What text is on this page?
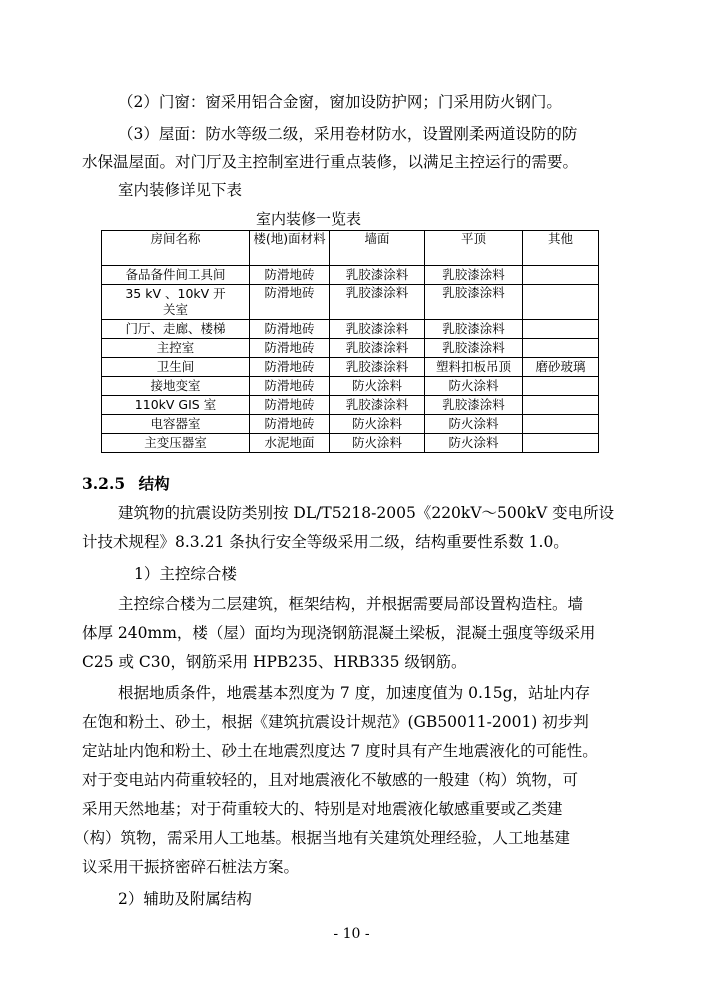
（2）门窗：窗采用铝合金窗，窗加设防护网；门采用防火钢门。
（3）屋面：防水等级二级，采用卷材防水，设置刚柔两道设防的防
水保温屋面。对门厅及主控制室进行重点装修，以满足主控运行的需要。
室内装修详见下表
室内装修一览表
房间名称	楼(地)面材料	墙面	平顶	其他
备品备件间工具间	防滑地砖	乳胶漆涂料	乳胶漆涂料	
35 kV 、10kV 开关室	防滑地砖	乳胶漆涂料	乳胶漆涂料	
门厅、走廊、楼梯	防滑地砖	乳胶漆涂料	乳胶漆涂料	
主控室	防滑地砖	乳胶漆涂料	乳胶漆涂料	
卫生间	防滑地砖	乳胶漆涂料	塑料扣板吊顶	磨砂玻璃
接地变室	防滑地砖	防火涂料	防火涂料	
110kV GIS 室	防滑地砖	乳胶漆涂料	乳胶漆涂料	
电容器室	防滑地砖	防火涂料	防火涂料	
主变压器室	水泥地面	防火涂料	防火涂料	
3.2.5 结构
建筑物的抗震设防类别按 DL/T5218-2005《220kV～500kV 变电所设
计技术规程》8.3.21 条执行安全等级采用二级，结构重要性系数 1.0。
1）主控综合楼
主控综合楼为二层建筑，框架结构，并根据需要局部设置构造柱。墙
体厚 240mm，楼（屋）面均为现浇钢筋混凝土梁板，混凝土强度等级采用
C25 或 C30，钢筋采用 HPB235、HRB335 级钢筋。
根据地质条件，地震基本烈度为 7 度，加速度值为 0.15g，站址内存
在饱和粉土、砂土，根据《建筑抗震设计规范》(GB50011-2001) 初步判
定站址内饱和粉土、砂土在地震烈度达 7 度时具有产生地震液化的可能性。
对于变电站内荷重较轻的，且对地震液化不敏感的一般建（构）筑物，可
采用天然地基；对于荷重较大的、特别是对地震液化敏感重要或乙类建
（构）筑物，需采用人工地基。根据当地有关建筑处理经验，人工地基建
议采用干振挤密碎石桩法方案。
2）辅助及附属结构
- 10 -
